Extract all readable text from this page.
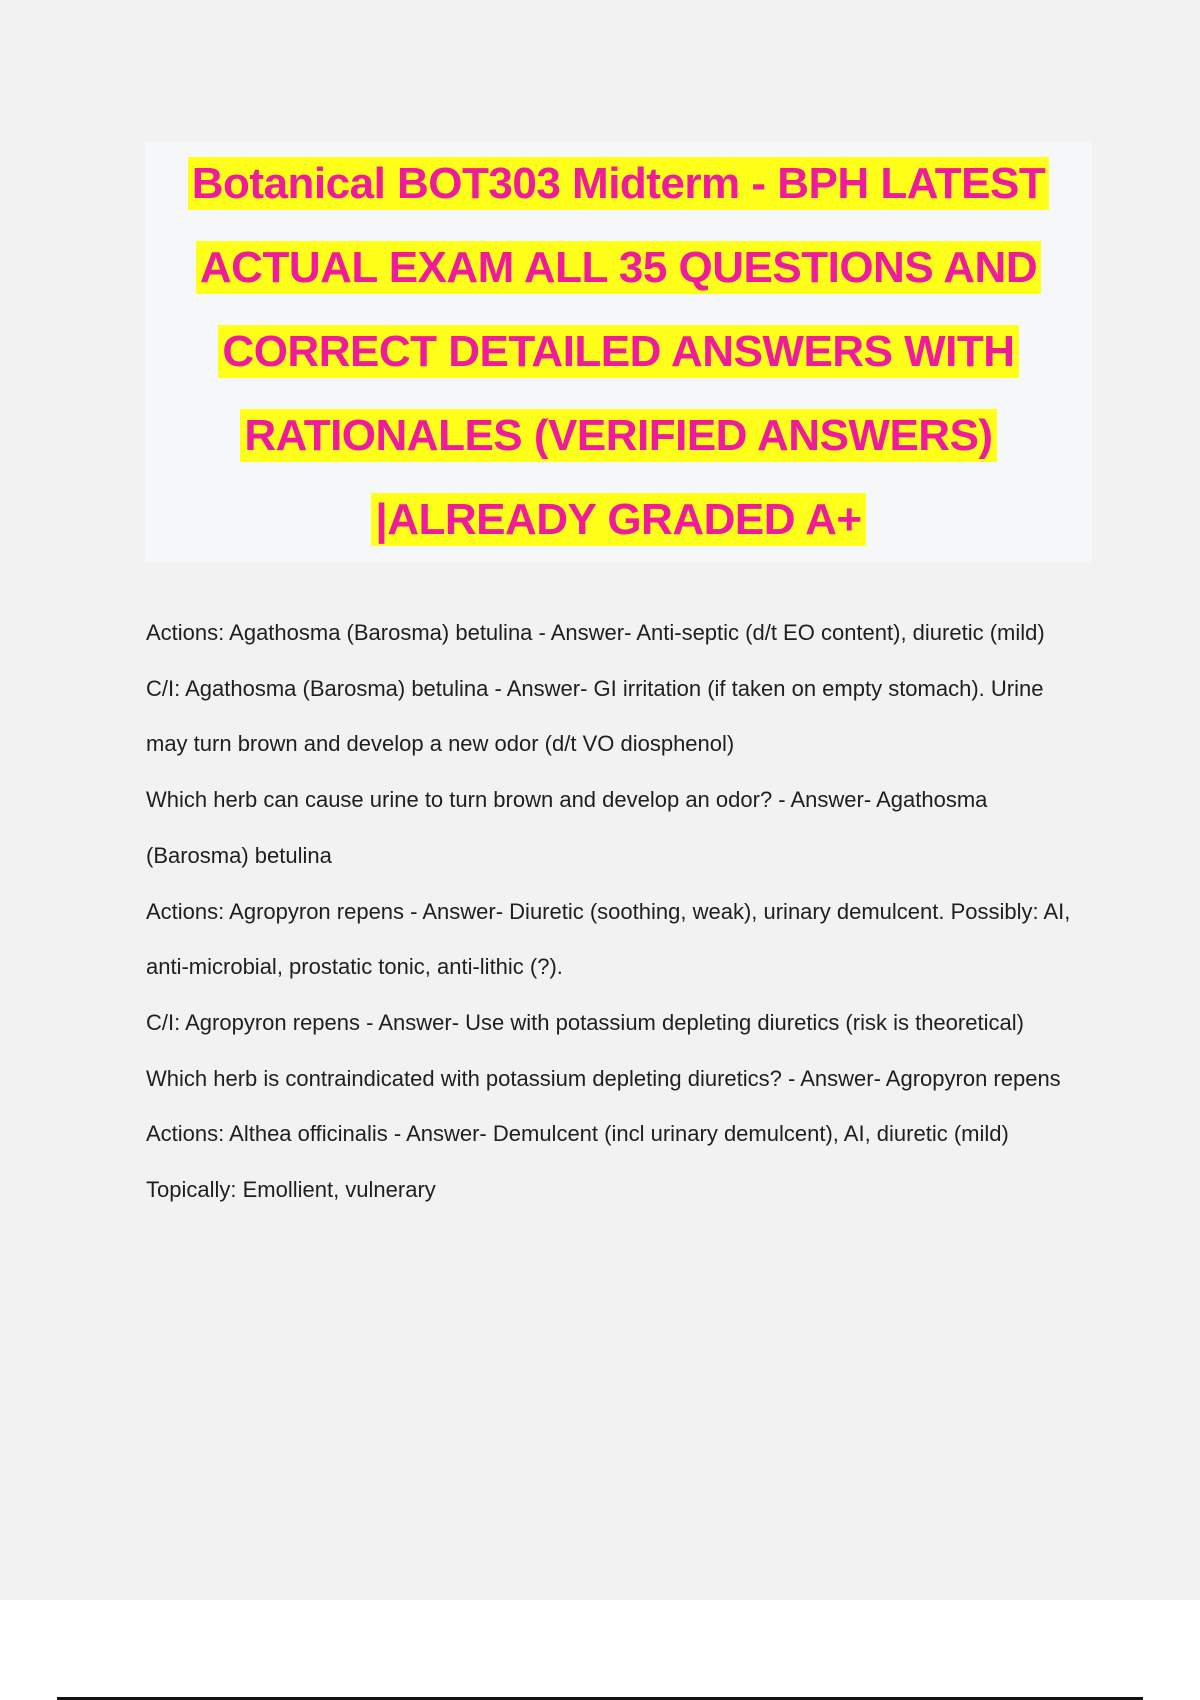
Botanical BOT303 Midterm - BPH LATEST ACTUAL EXAM ALL 35 QUESTIONS AND CORRECT DETAILED ANSWERS WITH RATIONALES (VERIFIED ANSWERS) |ALREADY GRADED A+

Actions: Agathosma (Barosma) betulina - Answer- Anti-septic (d/t EO content), diuretic (mild)

C/I: Agathosma (Barosma) betulina - Answer- GI irritation (if taken on empty stomach). Urine may turn brown and develop a new odor (d/t VO diosphenol)

Which herb can cause urine to turn brown and develop an odor? - Answer- Agathosma (Barosma) betulina

Actions: Agropyron repens - Answer- Diuretic (soothing, weak), urinary demulcent. Possibly: AI, anti-microbial, prostatic tonic, anti-lithic (?).

C/I: Agropyron repens - Answer- Use with potassium depleting diuretics (risk is theoretical)

Which herb is contraindicated with potassium depleting diuretics? - Answer- Agropyron repens

Actions: Althea officinalis - Answer- Demulcent (incl urinary demulcent), AI, diuretic (mild)

Topically: Emollient, vulnerary
